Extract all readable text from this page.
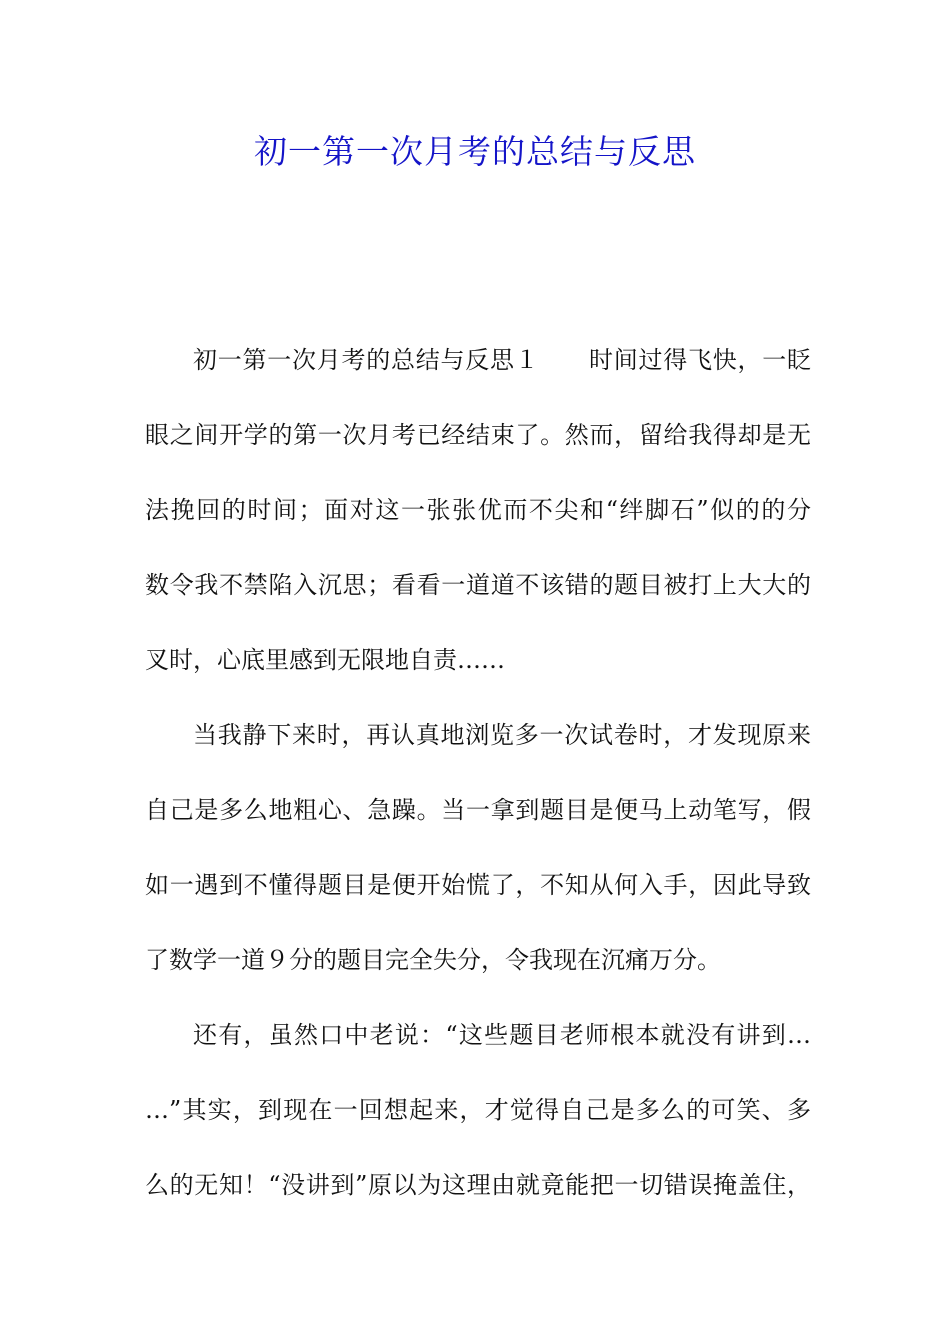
初一第一次月考的总结与反思
初一第一次月考的总结与反思１　　时间过得飞快，一眨
眼之间开学的第一次月考已经结束了。然而，留给我得却是无
法挽回的时间；面对这一张张优而不尖和“绊脚石”似的的分
数令我不禁陷入沉思；看看一道道不该错的题目被打上大大的
叉时，心底里感到无限地自责……
当我静下来时，再认真地浏览多一次试卷时，才发现原来
自己是多么地粗心、急躁。当一拿到题目是便马上动笔写，假
如一遇到不懂得题目是便开始慌了，不知从何入手，因此导致
了数学一道９分的题目完全失分，令我现在沉痛万分。
还有，虽然口中老说：“这些题目老师根本就没有讲到…
…”其实，到现在一回想起来，才觉得自己是多么的可笑、多
么的无知！“没讲到”原以为这理由就竟能把一切错误掩盖住，
